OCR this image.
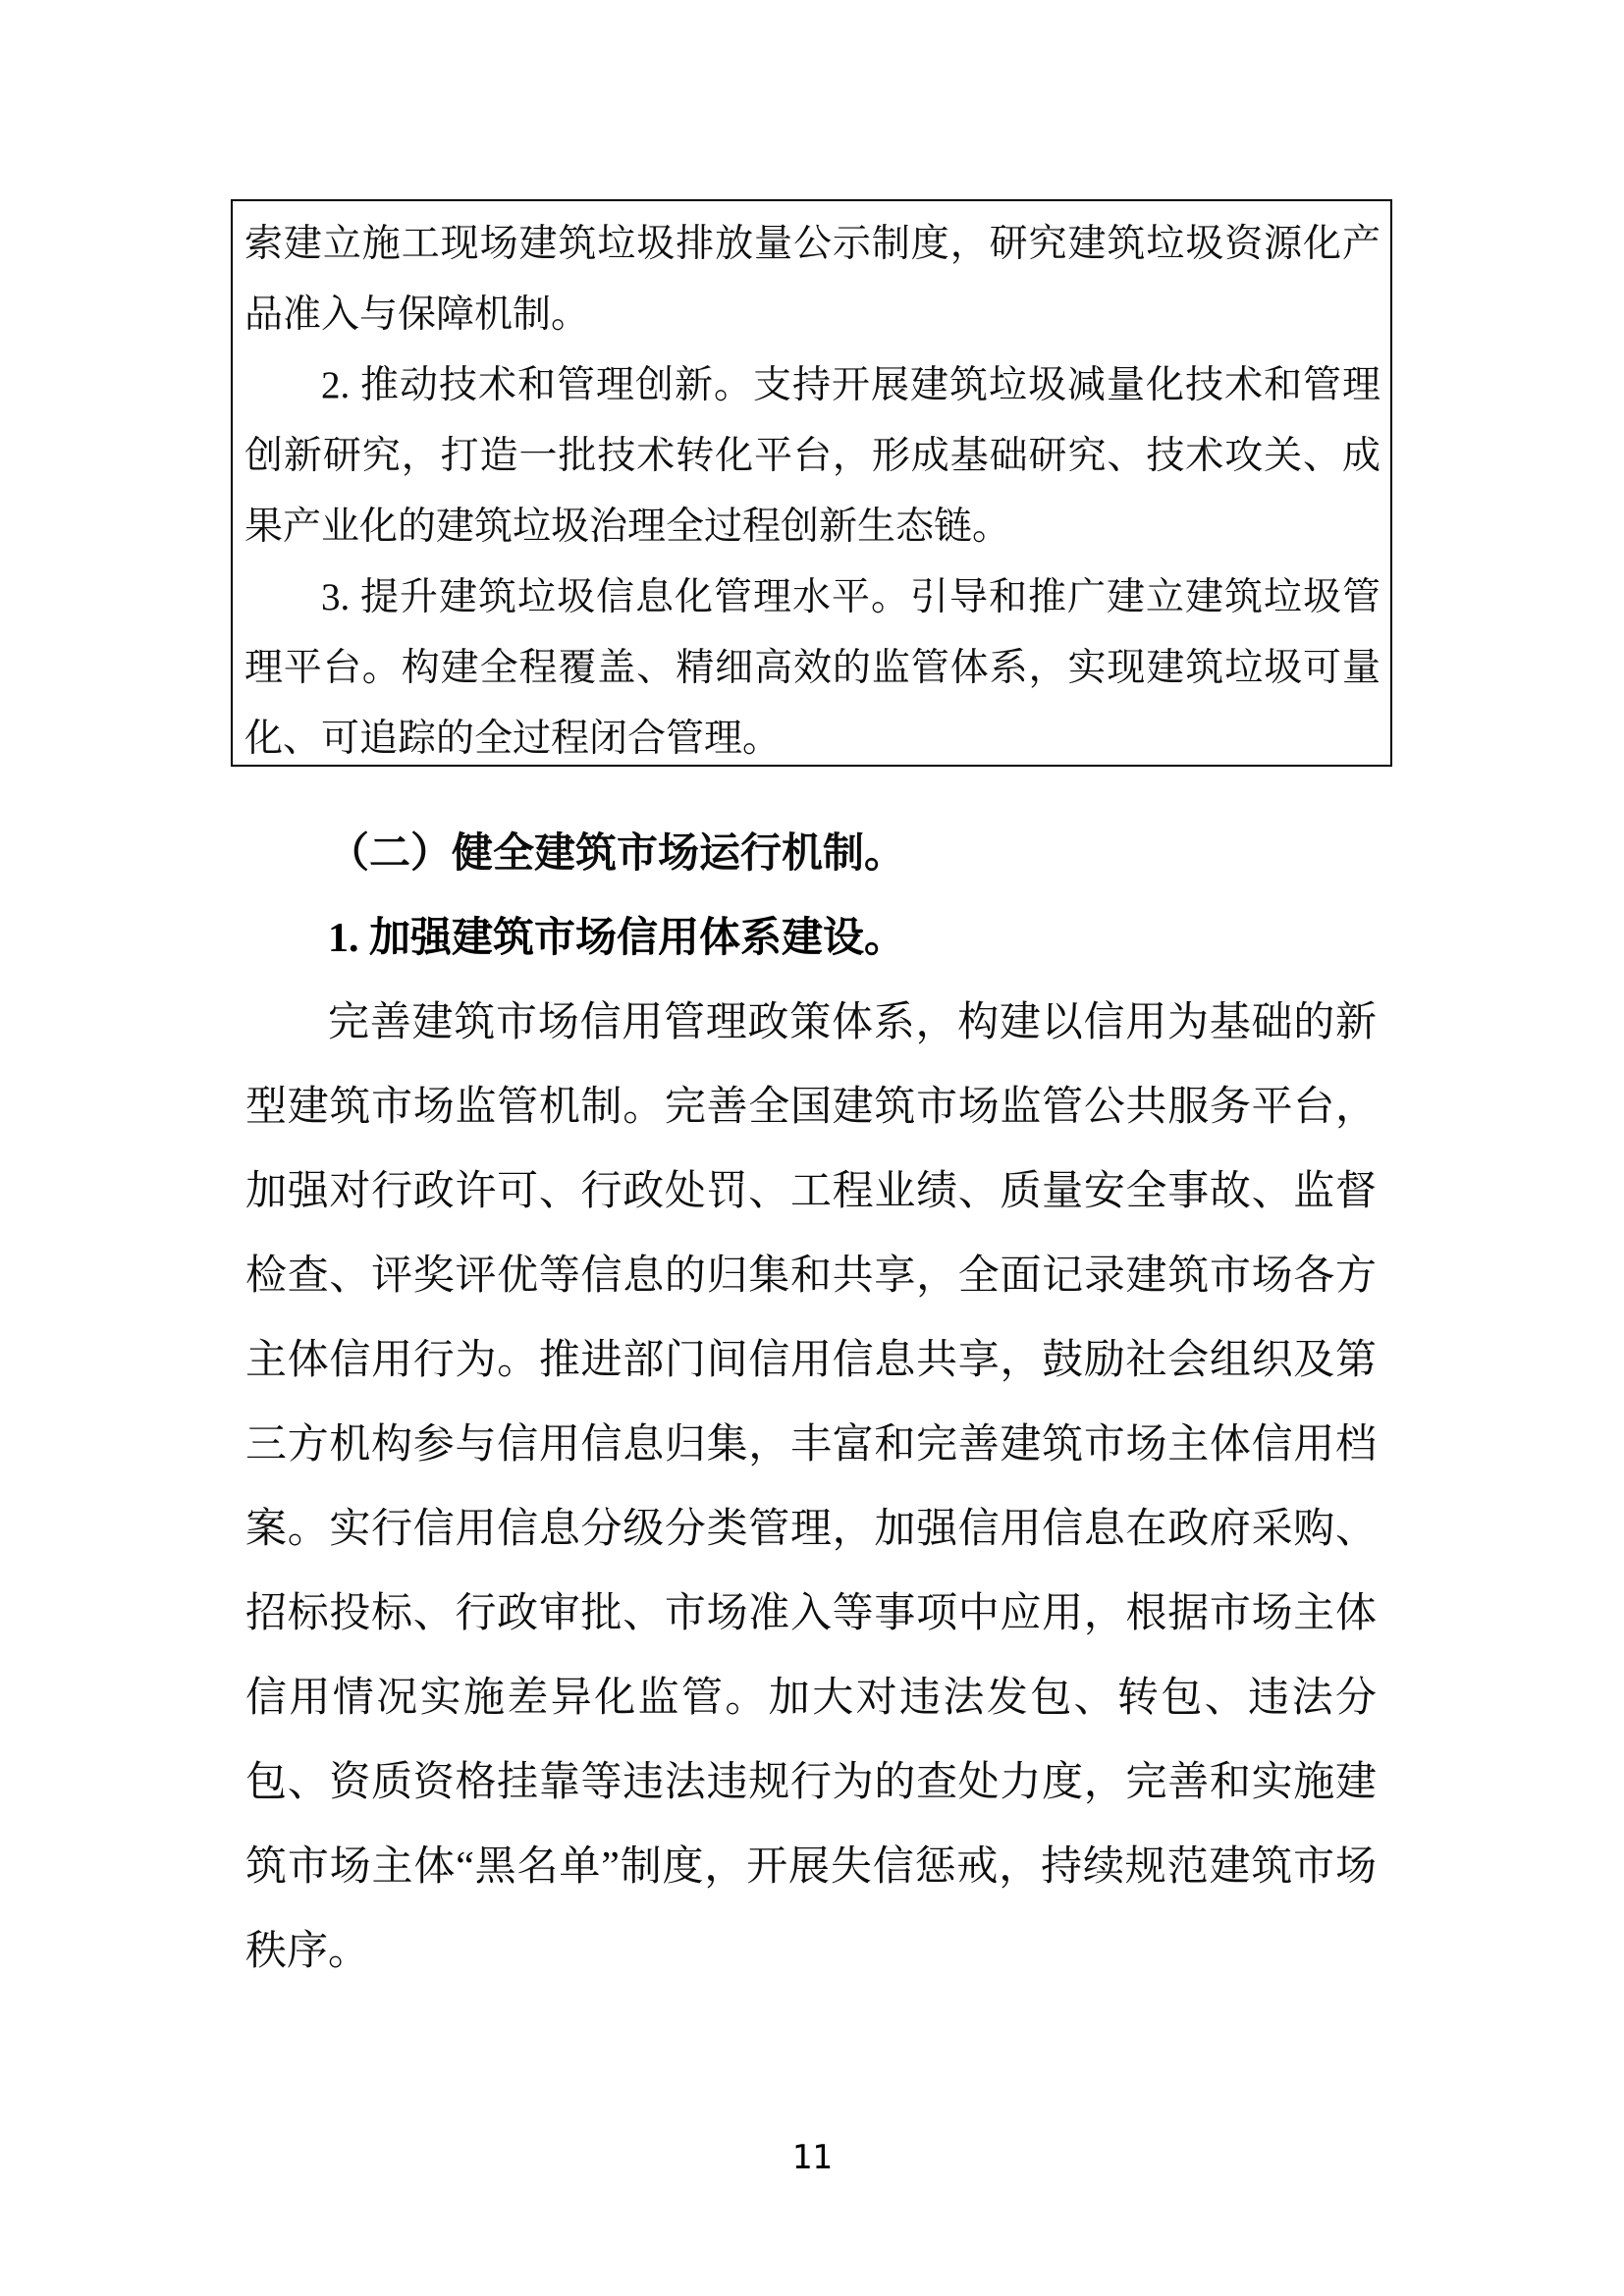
索建立施工现场建筑垃圾排放量公示制度，研究建筑垃圾资源化产品准入与保障机制。

2. 推动技术和管理创新。支持开展建筑垃圾减量化技术和管理创新研究，打造一批技术转化平台，形成基础研究、技术攻关、成果产业化的建筑垃圾治理全过程创新生态链。

3. 提升建筑垃圾信息化管理水平。引导和推广建立建筑垃圾管理平台。构建全程覆盖、精细高效的监管体系，实现建筑垃圾可量化、可追踪的全过程闭合管理。

（二）健全建筑市场运行机制。

1. 加强建筑市场信用体系建设。

完善建筑市场信用管理政策体系，构建以信用为基础的新型建筑市场监管机制。完善全国建筑市场监管公共服务平台，加强对行政许可、行政处罚、工程业绩、质量安全事故、监督检查、评奖评优等信息的归集和共享，全面记录建筑市场各方主体信用行为。推进部门间信用信息共享，鼓励社会组织及第三方机构参与信用信息归集，丰富和完善建筑市场主体信用档案。实行信用信息分级分类管理，加强信用信息在政府采购、招标投标、行政审批、市场准入等事项中应用，根据市场主体信用情况实施差异化监管。加大对违法发包、转包、违法分包、资质资格挂靠等违法违规行为的查处力度，完善和实施建筑市场主体“黑名单”制度，开展失信惩戒，持续规范建筑市场秩序。

11
